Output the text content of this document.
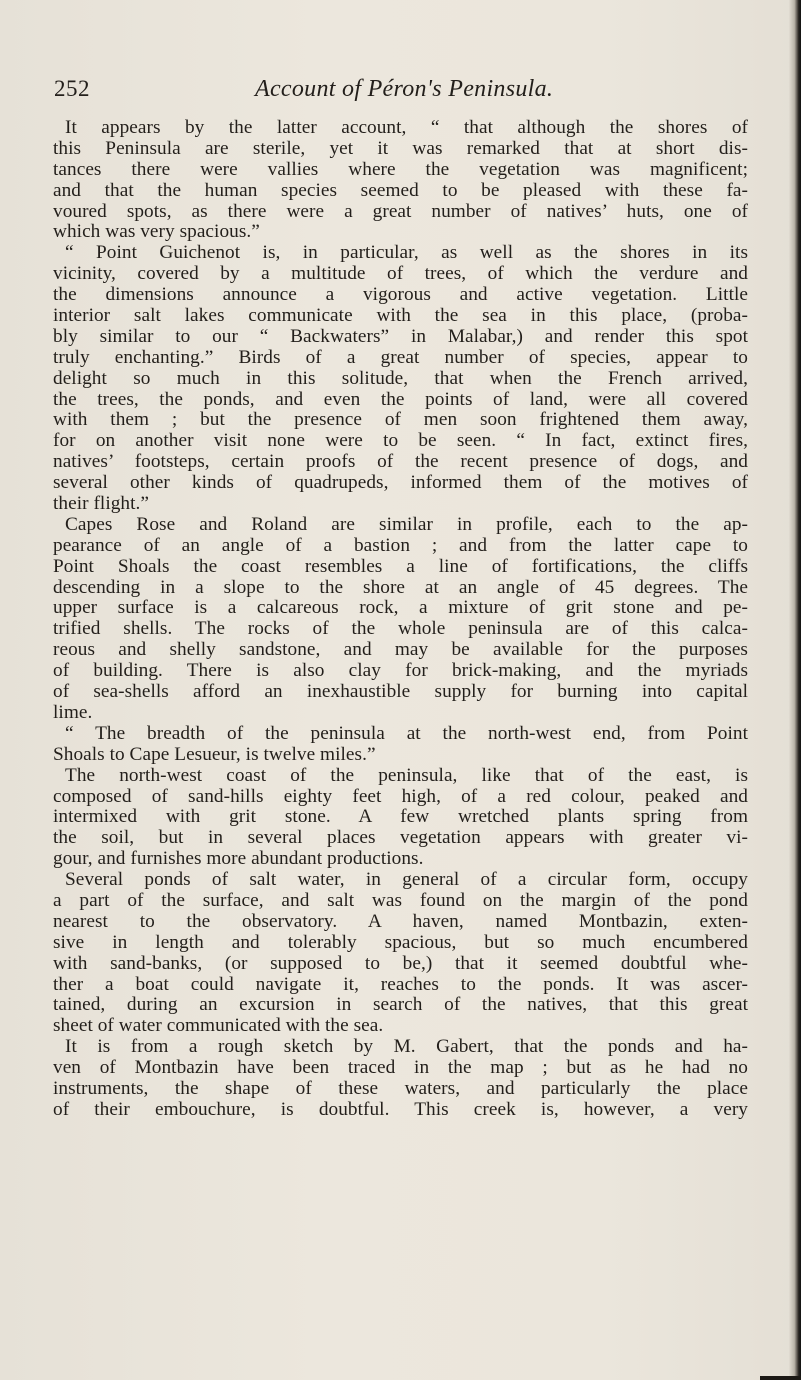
252	Account of Péron's Peninsula.
It appears by the latter account, “ that although the shores of
this Peninsula are sterile, yet it was remarked that at short dis-
tances there were vallies where the vegetation was magnificent;
and that the human species seemed to be pleased with these fa-
voured spots, as there were a great number of natives’ huts, one of
which was very spacious.”
“ Point Guichenot is, in particular, as well as the shores in its
vicinity, covered by a multitude of trees, of which the verdure and
the dimensions announce a vigorous and active vegetation. Little
interior salt lakes communicate with the sea in this place, (proba-
bly similar to our “ Backwaters” in Malabar,) and render this spot
truly enchanting.” Birds of a great number of species, appear to
delight so much in this solitude, that when the French arrived,
the trees, the ponds, and even the points of land, were all covered
with them ; but the presence of men soon frightened them away,
for on another visit none were to be seen. “ In fact, extinct fires,
natives’ footsteps, certain proofs of the recent presence of dogs, and
several other kinds of quadrupeds, informed them of the motives of
their flight.”
Capes Rose and Roland are similar in profile, each to the ap-
pearance of an angle of a bastion ; and from the latter cape to
Point Shoals the coast resembles a line of fortifications, the cliffs
descending in a slope to the shore at an angle of 45 degrees. The
upper surface is a calcareous rock, a mixture of grit stone and pe-
trified shells. The rocks of the whole peninsula are of this calca-
reous and shelly sandstone, and may be available for the purposes
of building. There is also clay for brick-making, and the myriads
of sea-shells afford an inexhaustible supply for burning into capital
lime.
“ The breadth of the peninsula at the north-west end, from Point
Shoals to Cape Lesueur, is twelve miles.”
The north-west coast of the peninsula, like that of the east, is
composed of sand-hills eighty feet high, of a red colour, peaked and
intermixed with grit stone. A few wretched plants spring from
the soil, but in several places vegetation appears with greater vi-
gour, and furnishes more abundant productions.
Several ponds of salt water, in general of a circular form, occupy
a part of the surface, and salt was found on the margin of the pond
nearest to the observatory. A haven, named Montbazin, exten-
sive in length and tolerably spacious, but so much encumbered
with sand-banks, (or supposed to be,) that it seemed doubtful whe-
ther a boat could navigate it, reaches to the ponds. It was ascer-
tained, during an excursion in search of the natives, that this great
sheet of water communicated with the sea.
It is from a rough sketch by M. Gabert, that the ponds and ha-
ven of Montbazin have been traced in the map ; but as he had no
instruments, the shape of these waters, and particularly the place
of their embouchure, is doubtful. This creek is, however, a very
